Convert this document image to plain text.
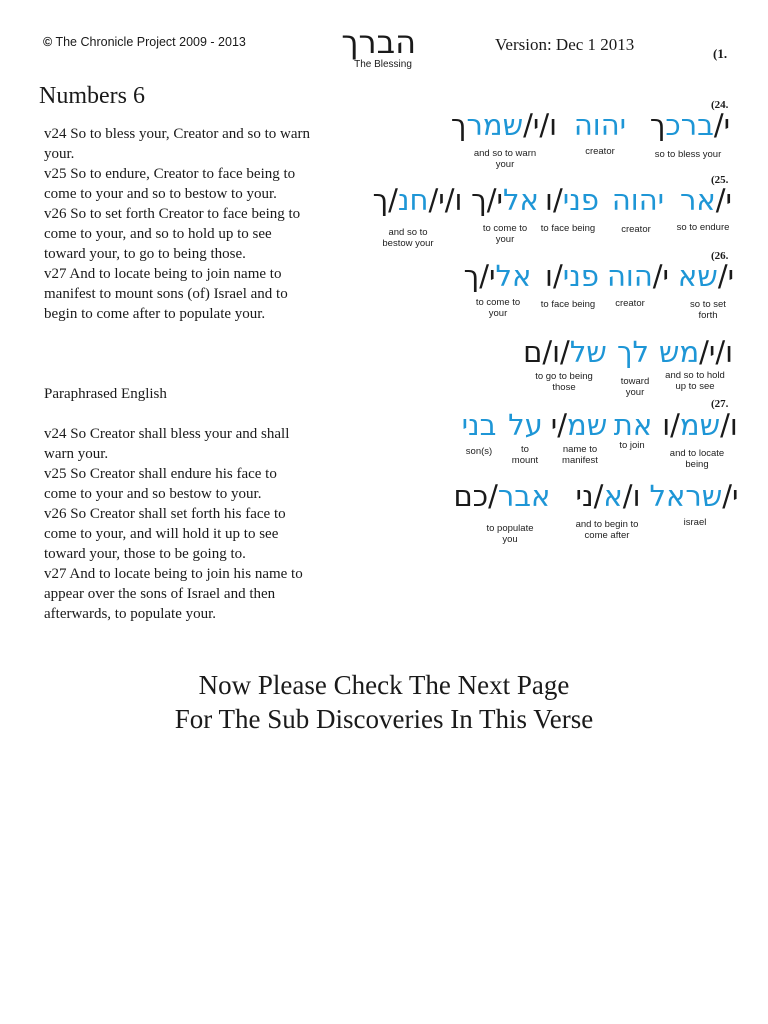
© The Chronicle Project 2009 - 2013	הברך
The Blessing
Version: Dec 1 2013	(1.
Numbers 6
v24 So to bless your, Creator and so to warn
your.
v25 So to endure, Creator to face being to
come to your and so to bestow to your.
v26 So to set forth Creator to face being to
come to your, and so to hold up to see
toward your, to go to being those.
v27 And to locate being to join name to
manifest to mount sons (of) Israel and to
begin to come after to populate your.
Paraphrased English
v24 So Creator shall bless your and shall
warn your.
v25 So Creator shall endure his face to
come to your and so bestow to your.
v26 So Creator shall set forth his face to
come to your, and will hold it up to see
toward your, those to be going to.
v27 And to locate being to join his name to
appear over the sons of Israel and then
afterwards, to populate your.
(24.
(25.
(26.
(27.
י/ברכך
so to bless your
יהוה
creator
ו/י/שמרך
and so to warn your
י/אר
so to endure
יהוה
creator
פני/ו
to face being
אלי/ך
to come to your
ו/י/חנ/ך
and so to bestow your
י/שא
so to set forth
י/הוה
creator
פני/ו
to face being
אלי/ך
to come to your
ו/י/מש
and so to hold up to see
לך
toward your
של/ו/ם
to go to being those
ו/שמ/ו
and to locate being
את
to join
שמ/י
name to manifest
על
to mount
בני
son(s)
י/שראל
israel
ו/א/ני
and to begin to come after
אבר/כם
to populate you
Now Please Check The Next Page
For The Sub Discoveries In This Verse
